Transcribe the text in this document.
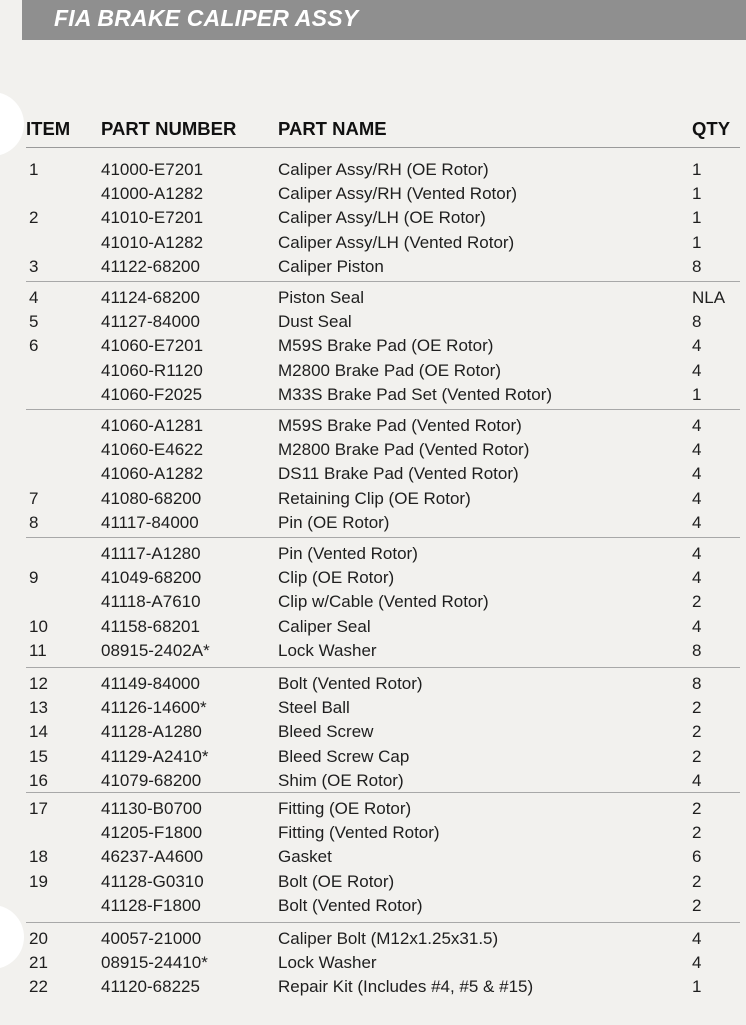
FIA BRAKE CALIPER ASSY
ITEM PART NUMBER PART NAME	QTY
1	41000-E7201	Caliper Assy/RH (OE Rotor)	1
41000-A1282	Caliper Assy/RH (Vented Rotor)	1
2	41010-E7201	Caliper Assy/LH (OE Rotor)	1
41010-A1282	Caliper Assy/LH (Vented Rotor)	1
3	41122-68200	Caliper Piston	8
4	41124-68200	Piston Seal	NLA
5	41127-84000	Dust Seal	8
6	41060-E7201	M59S Brake Pad (OE Rotor)	4
41060-R1120	M2800 Brake Pad (OE Rotor)	4
41060-F2025	M33S Brake Pad Set (Vented Rotor)	1
41060-A1281	M59S Brake Pad (Vented Rotor)	4
41060-E4622	M2800 Brake Pad (Vented Rotor)	4
41060-A1282	DS11 Brake Pad (Vented Rotor)	4
7	41080-68200	Retaining Clip (OE Rotor)	4
8	41117-84000	Pin (OE Rotor)	4
41117-A1280	Pin (Vented Rotor)	4
9	41049-68200	Clip (OE Rotor)	4
41118-A7610	Clip w/Cable (Vented Rotor)	2
10	41158-68201	Caliper Seal	4
11	08915-2402A*	Lock Washer	8
12	41149-84000	Bolt (Vented Rotor)	8
13	41126-14600*	Steel Ball	2
14	41128-A1280	Bleed Screw	2
15	41129-A2410*	Bleed Screw Cap	2
16	41079-68200	Shim (OE Rotor)	4
17	41130-B0700	Fitting (OE Rotor)	2
41205-F1800	Fitting (Vented Rotor)	2
18	46237-A4600	Gasket	6
19	41128-G0310	Bolt (OE Rotor)	2
41128-F1800	Bolt (Vented Rotor)	2
20	40057-21000	Caliper Bolt (M12x1.25x31.5)	4
21	08915-24410*	Lock Washer	4
22	41120-68225	Repair Kit (Includes #4, #5 & #15)	1
